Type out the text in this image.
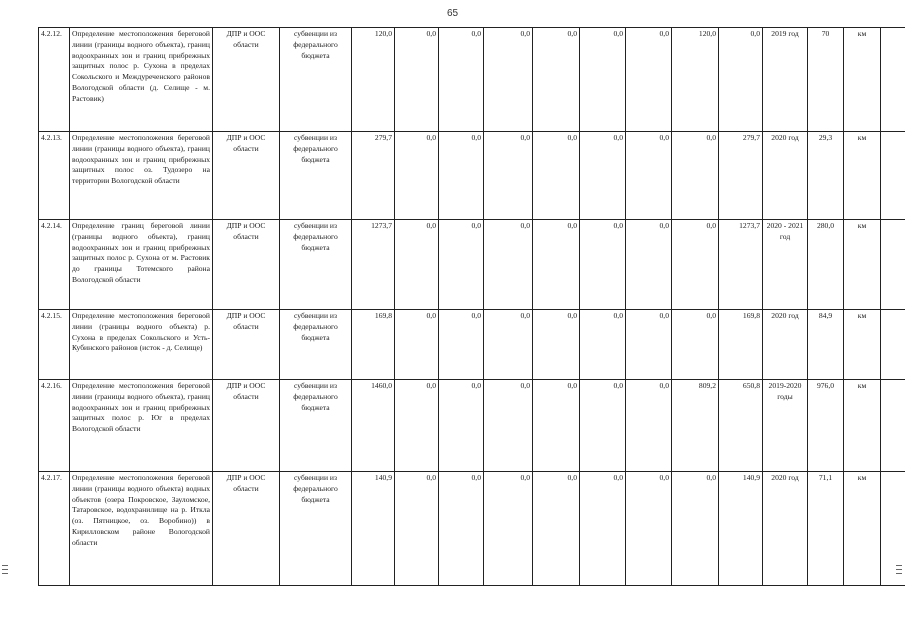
65
4.2.12.	Определение местоположения береговой линии (границы водного объекта), границ водоохранных зон и границ прибрежных защитных полос р. Сухона в пределах Сокольского и Междуреченского районов Вологодской области (д. Селище - м. Растовик)	ДПР и ООС области	субвенции из федерального бюджета	120,0	0,0	0,0	0,0	0,0	0,0	0,0	120,0	0,0	2019 год	70	км	
4.2.13.	Определение местоположения береговой линии (границы водного объекта), границ водоохранных зон и границ прибрежных защитных полос оз. Тудозеро на территории Вологодской области	ДПР и ООС области	субвенции из федерального бюджета	279,7	0,0	0,0	0,0	0,0	0,0	0,0	0,0	279,7	2020 год	29,3	км	
4.2.14.	Определение границ береговой линии (границы водного объекта), границ водоохранных зон и границ прибрежных защитных полос р. Сухона от м. Растовик до границы Тотемского района Вологодской области	ДПР и ООС области	субвенции из федерального бюджета	1273,7	0,0	0,0	0,0	0,0	0,0	0,0	0,0	1273,7	2020 - 2021 год	280,0	км	
4.2.15.	Определение местоположения береговой линии (границы водного объекта) р. Сухона в пределах Сокольского и Усть-Кубинского районов (исток - д. Селище)	ДПР и ООС области	субвенции из федерального бюджета	169,8	0,0	0,0	0,0	0,0	0,0	0,0	0,0	169,8	2020 год	84,9	км	
4.2.16.	Определение местоположения береговой линии (границы водного объекта), границ водоохранных зон и границ прибрежных защитных полос р. Юг в пределах Вологодской области	ДПР и ООС области	субвенции из федерального бюджета	1460,0	0,0	0,0	0,0	0,0	0,0	0,0	809,2	650,8	2019-2020 годы	976,0	км	
4.2.17.	Определение местоположения береговой линии (границы водного объекта) водных объектов (озера Покровское, Зауломское, Татаровское, водохранилище на р. Иткла (оз. Пятницкое, оз. Воробино)) в Кирилловском районе Вологодской области	ДПР и ООС области	субвенции из федерального бюджета	140,9	0,0	0,0	0,0	0,0	0,0	0,0	0,0	140,9	2020 год	71,1	км	
